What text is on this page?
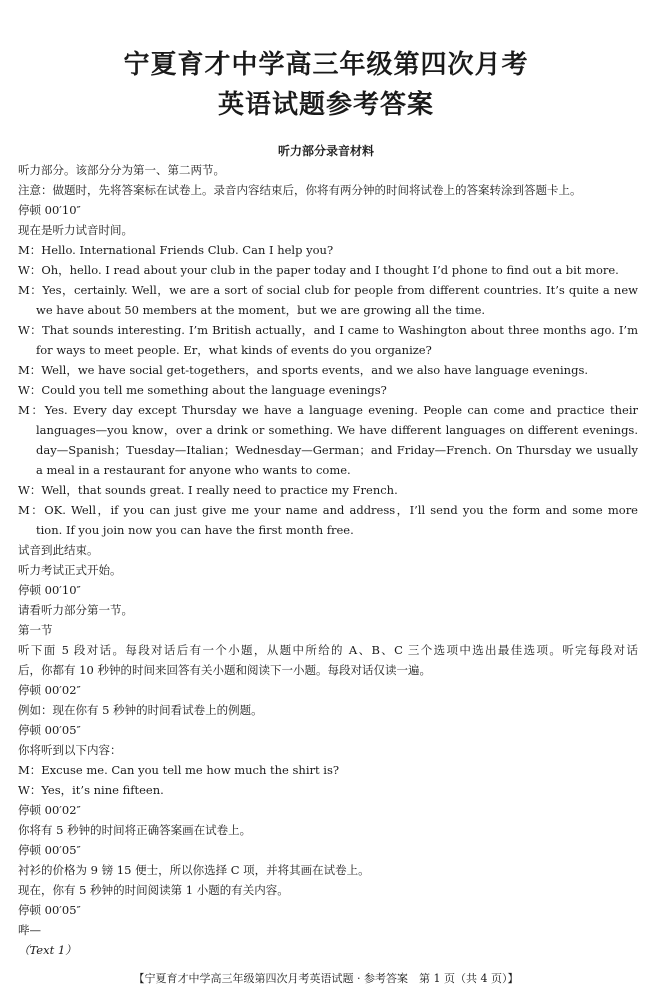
宁夏育才中学高三年级第四次月考
英语试题参考答案
听力部分录音材料
听力部分。该部分分为第一、第二两节。
注意：做题时，先将答案标在试卷上。录音内容结束后，你将有两分钟的时间将试卷上的答案转涂到答题卡上。
停顿 00′10″
现在是听力试音时间。
M：Hello. International Friends Club. Can I help you?
W：Oh，hello. I read about your club in the paper today and I thought I’d phone to find out a bit more.
M：Yes，certainly. Well，we are a sort of social club for people from different countries. It’s quite a new
we have about 50 members at the moment，but we are growing all the time.
W：That sounds interesting. I’m British actually，and I came to Washington about three months ago. I’m
for ways to meet people. Er，what kinds of events do you organize?
M：Well，we have social get-togethers，and sports events，and we also have language evenings.
W：Could you tell me something about the language evenings?
M：Yes. Every day except Thursday we have a language evening. People can come and practice their
languages—you know，over a drink or something. We have different languages on different evenings.
day—Spanish；Tuesday—Italian；Wednesday—German；and Friday—French. On Thursday we usually
a meal in a restaurant for anyone who wants to come.
W：Well，that sounds great. I really need to practice my French.
M：OK. Well，if you can just give me your name and address，I’ll send you the form and some more
tion. If you join now you can have the first month free.
试音到此结束。
听力考试正式开始。
停顿 00′10″
请看听力部分第一节。
第一节
听下面 5 段对话。每段对话后有一个小题，从题中所给的 A、B、C 三个选项中选出最佳选项。听完每段对话
后，你都有 10 秒钟的时间来回答有关小题和阅读下一小题。每段对话仅读一遍。
停顿 00′02″
例如：现在你有 5 秒钟的时间看试卷上的例题。
停顿 00′05″
你将听到以下内容：
M：Excuse me. Can you tell me how much the shirt is?
W：Yes，it’s nine fifteen.
停顿 00′02″
你将有 5 秒钟的时间将正确答案画在试卷上。
停顿 00′05″
衬衫的价格为 9 镑 15 便士，所以你选择 C 项，并将其画在试卷上。
现在，你有 5 秒钟的时间阅读第 1 小题的有关内容。
停顿 00′05″
哔—
（Text 1）
【宁夏育才中学高三年级第四次月考英语试题 · 参考答案　第 1 页（共 4 页）】
